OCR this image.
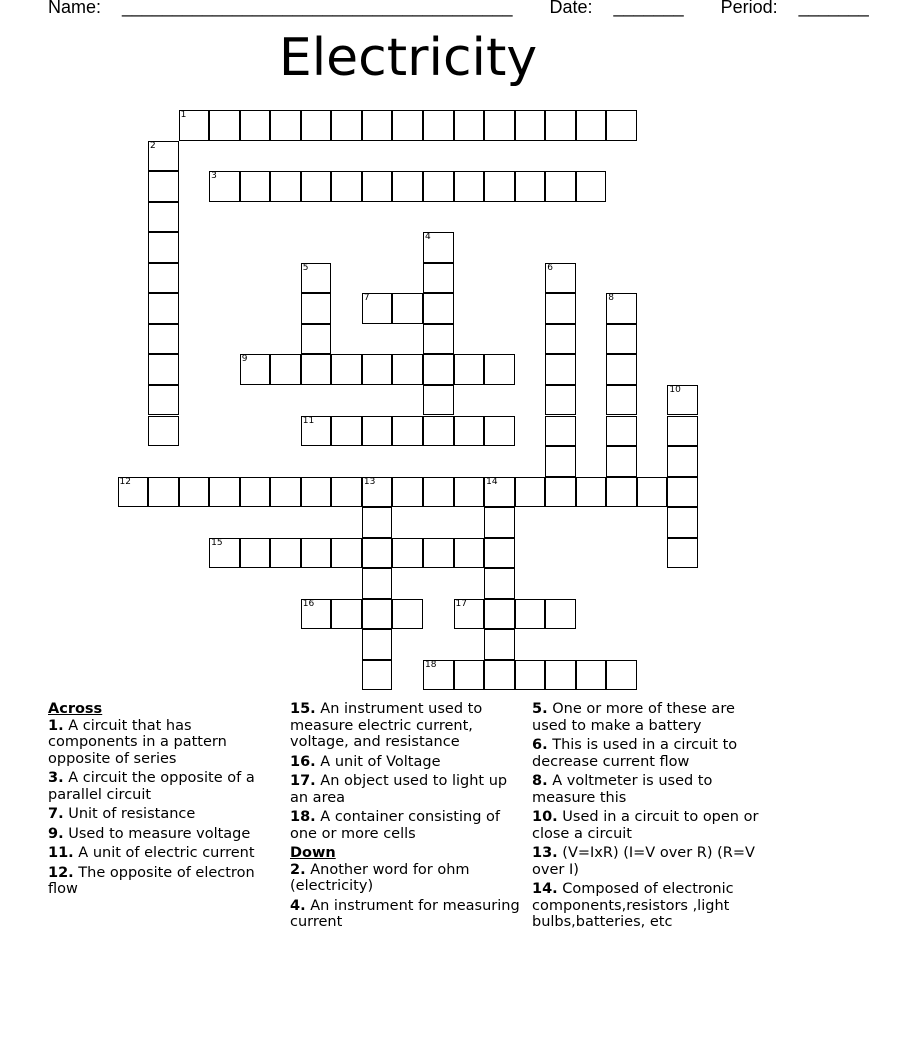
Name: _______________________________________ Date: _______ Period: _______
Electricity
1
2
3
4
5	6
7	8
9
10
11
12	13	14
15
16	17
18
Across
1. A circuit that has components in a pattern opposite of series
3. A circuit the opposite of a parallel circuit
7. Unit of resistance
9. Used to measure voltage
11. A unit of electric current
12. The opposite of electron flow
15. An instrument used to measure electric current, voltage, and resistance
16. A unit of Voltage
17. An object used to light up an area
18. A container consisting of one or more cells
Down
2. Another word for ohm (electricity)
4. An instrument for measuring current
5. One or more of these are used to make a battery
6. This is used in a circuit to decrease current flow
8. A voltmeter is used to measure this
10. Used in a circuit to open or close a circuit
13. (V=IxR) (I=V over R) (R=V over I)
14. Composed of electronic components,resistors ,light bulbs,batteries, etc
